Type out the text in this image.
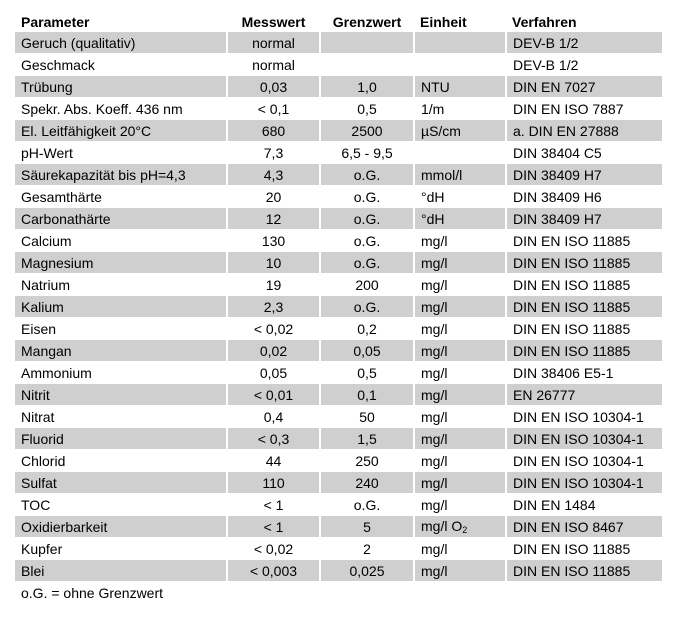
Parameter	Messwert	Grenzwert	Einheit	Verfahren
Geruch (qualitativ)	normal			DEV-B 1/2
Geschmack	normal			DEV-B 1/2
Trübung	0,03	1,0	NTU	DIN EN 7027
Spekr. Abs. Koeff. 436 nm	< 0,1	0,5	1/m	DIN EN ISO 7887
El. Leitfähigkeit 20°C	680	2500	µS/cm	a. DIN EN 27888
pH-Wert	7,3	6,5 - 9,5		DIN 38404 C5
Säurekapazität bis pH=4,3	4,3	o.G.	mmol/l	DIN 38409 H7
Gesamthärte	20	o.G.	°dH	DIN 38409 H6
Carbonathärte	12	o.G.	°dH	DIN 38409 H7
Calcium	130	o.G.	mg/l	DIN EN ISO 11885
Magnesium	10	o.G.	mg/l	DIN EN ISO 11885
Natrium	19	200	mg/l	DIN EN ISO 11885
Kalium	2,3	o.G.	mg/l	DIN EN ISO 11885
Eisen	< 0,02	0,2	mg/l	DIN EN ISO 11885
Mangan	0,02	0,05	mg/l	DIN EN ISO 11885
Ammonium	0,05	0,5	mg/l	DIN 38406 E5-1
Nitrit	< 0,01	0,1	mg/l	EN 26777
Nitrat	0,4	50	mg/l	DIN EN ISO 10304-1
Fluorid	< 0,3	1,5	mg/l	DIN EN ISO 10304-1
Chlorid	44	250	mg/l	DIN EN ISO 10304-1
Sulfat	110	240	mg/l	DIN EN ISO 10304-1
TOC	< 1	o.G.	mg/l	DIN EN 1484
Oxidierbarkeit	< 1	5	mg/l $O_2$	DIN EN ISO 8467
Kupfer	< 0,02	2	mg/l	DIN EN ISO 11885
Blei	< 0,003	0,025	mg/l	DIN EN ISO 11885
o.G. = ohne Grenzwert				
